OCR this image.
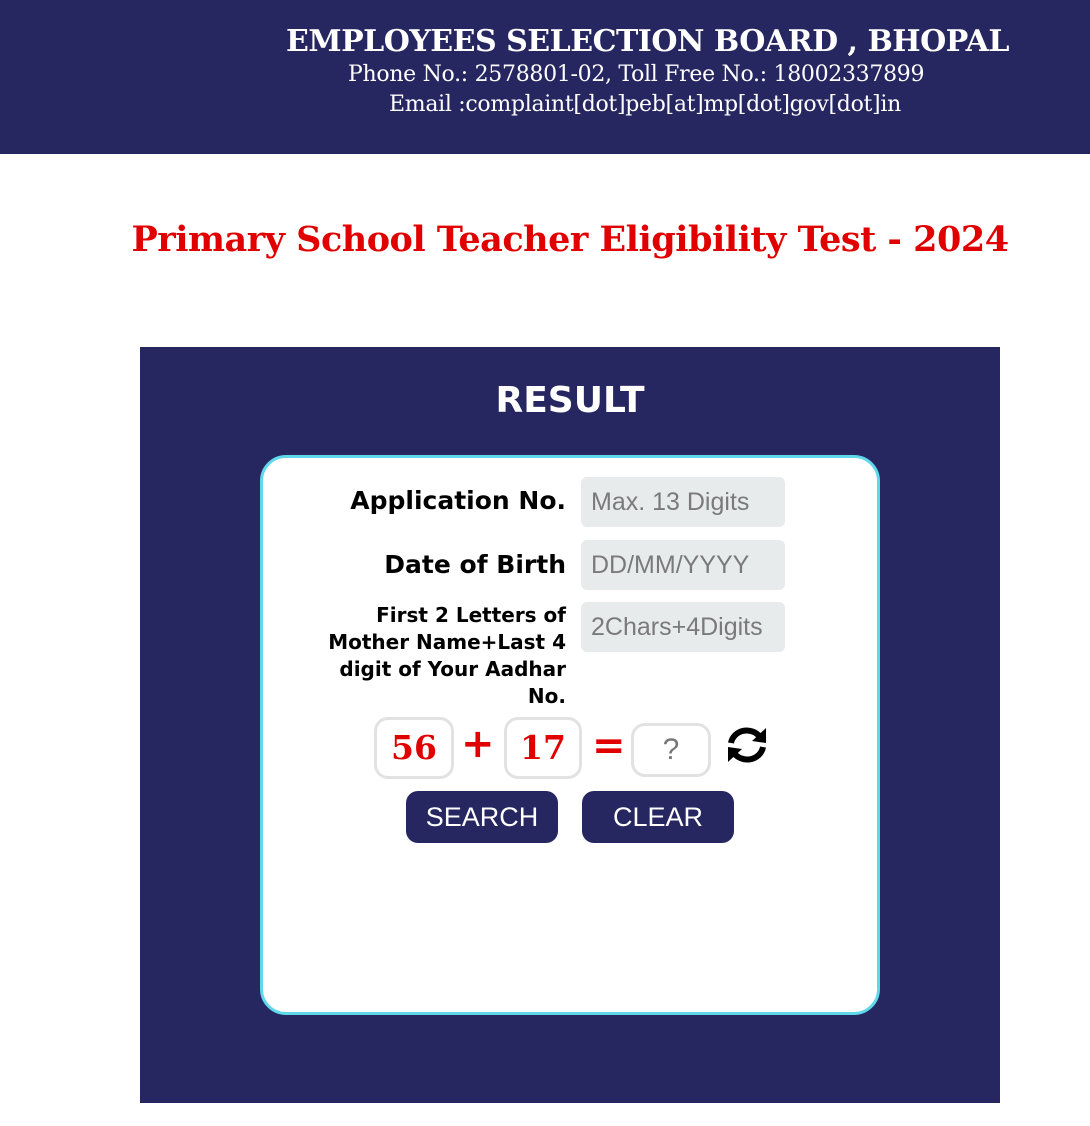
EMPLOYEES SELECTION BOARD , BHOPAL
Phone No.: 2578801-02, Toll Free No.: 18002337899
Email :complaint[dot]peb[at]mp[dot]gov[dot]in
Primary School Teacher Eligibility Test - 2024
RESULT
Application No.
Max. 13 Digits
Date of Birth
DD/MM/YYYY
First 2 Letters of Mother Name+Last 4 digit of Your Aadhar No.
2Chars+4Digits
56 + 17 =
?
SEARCH	CLEAR
